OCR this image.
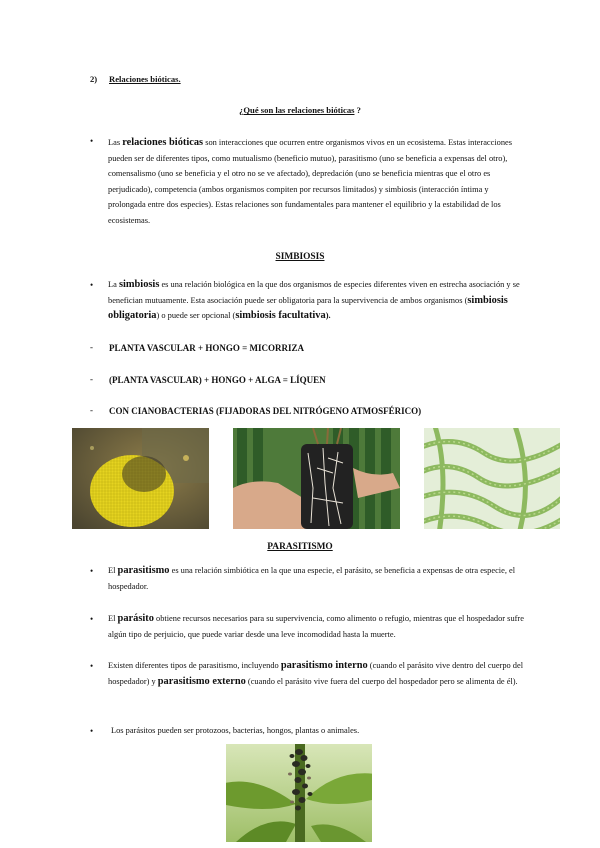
2) Relaciones bióticas.
¿Qué son las relaciones bióticas ?
• Las relaciones bióticas son interacciones que ocurren entre organismos vivos en un ecosistema. Estas interacciones pueden ser de diferentes tipos, como mutualismo (beneficio mutuo), parasitismo (uno se beneficia a expensas del otro), comensalismo (uno se beneficia y el otro no se ve afectado), depredación (uno se beneficia mientras que el otro es perjudicado), competencia (ambos organismos compiten por recursos limitados) y simbiosis (interacción íntima y prolongada entre dos especies). Estas relaciones son fundamentales para mantener el equilibrio y la estabilidad de los ecosistemas.
SIMBIOSIS
• La simbiosis es una relación biológica en la que dos organismos de especies diferentes viven en estrecha asociación y se benefician mutuamente. Esta asociación puede ser obligatoria para la supervivencia de ambos organismos (simbiosis obligatoria) o puede ser opcional (simbiosis facultativa).
- PLANTA VASCULAR + HONGO = MICORRIZA
- (PLANTA VASCULAR) + HONGO + ALGA = LÍQUEN
- CON CIANOBACTERIAS (FIJADORAS DEL NITRÓGENO ATMOSFÉRICO)
PARASITISMO
• El parasitismo es una relación simbiótica en la que una especie, el parásito, se beneficia a expensas de otra especie, el hospedador.
• El parásito obtiene recursos necesarios para su supervivencia, como alimento o refugio, mientras que el hospedador sufre algún tipo de perjuicio, que puede variar desde una leve incomodidad hasta la muerte.
• Existen diferentes tipos de parasitismo, incluyendo parasitismo interno (cuando el parásito vive dentro del cuerpo del hospedador) y parasitismo externo (cuando el parásito vive fuera del cuerpo del hospedador pero se alimenta de él).
• Los parásitos pueden ser protozoos, bacterias, hongos, plantas o animales.
